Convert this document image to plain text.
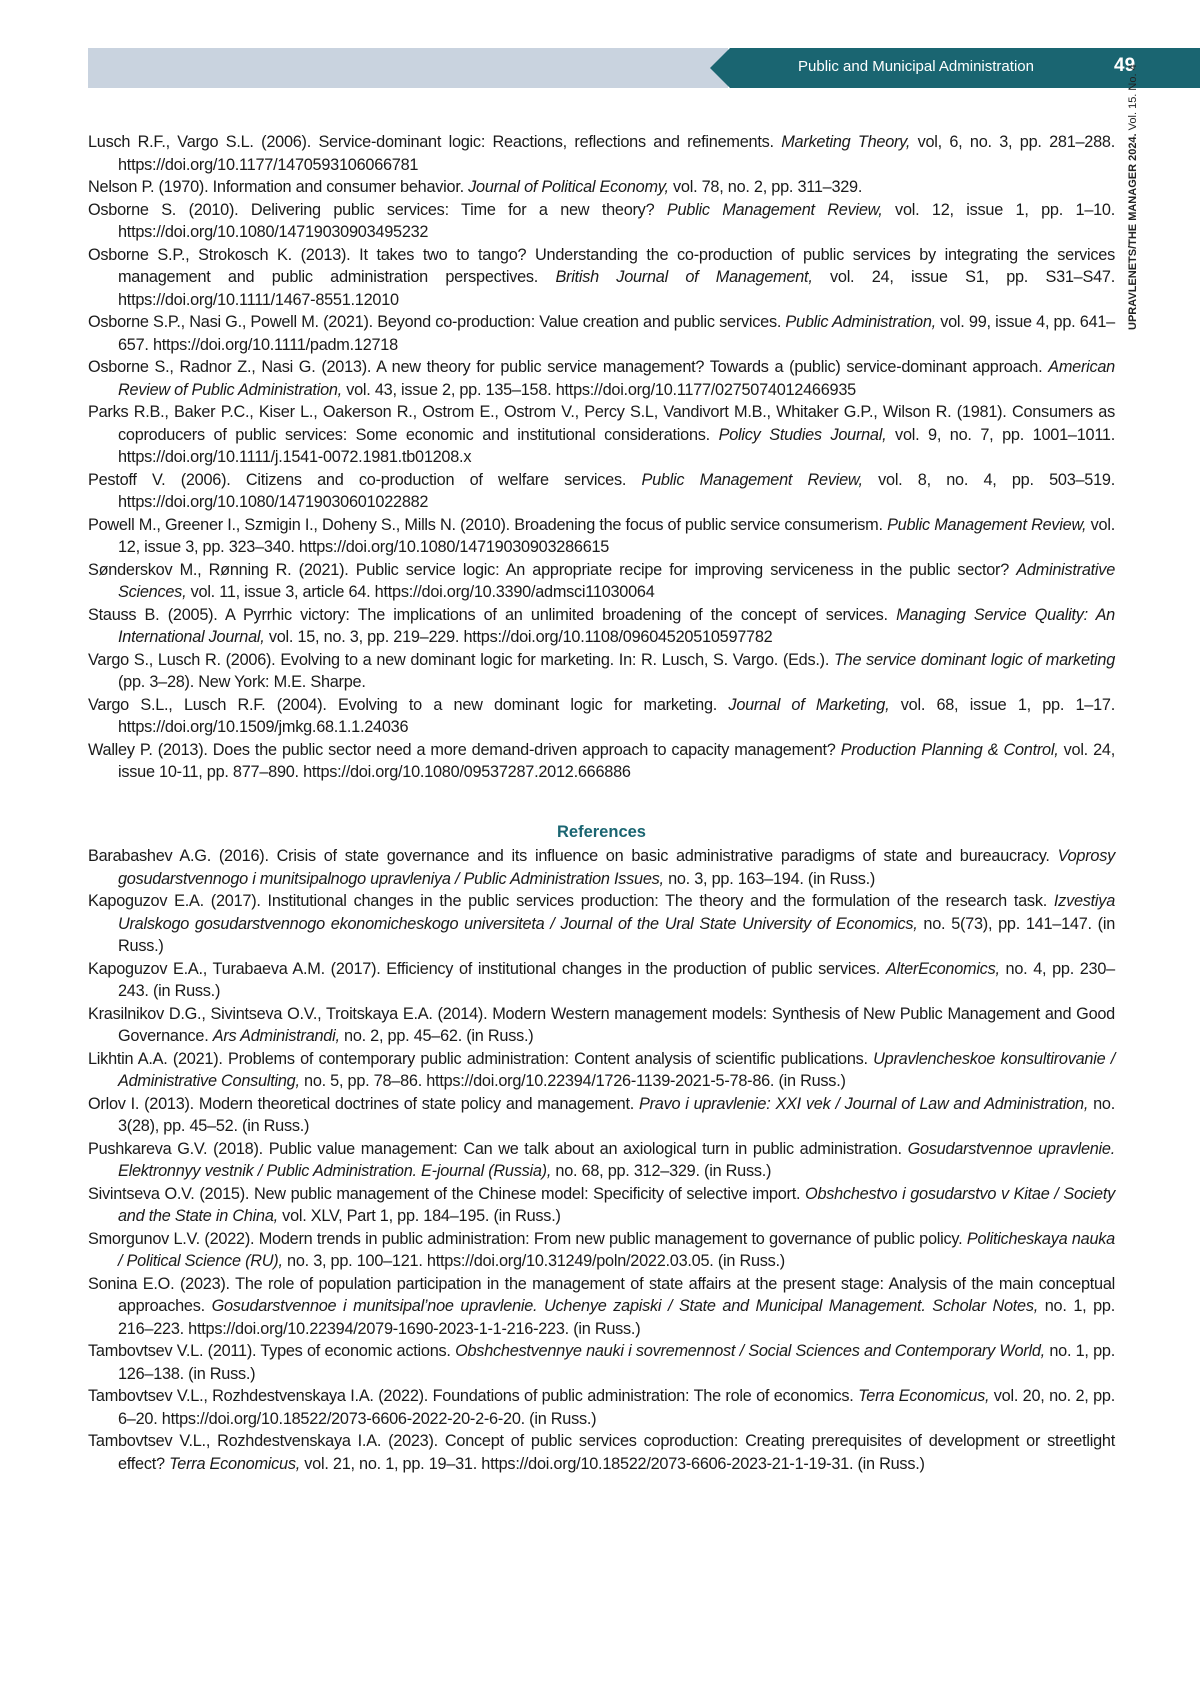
Public and Municipal Administration	49
UPRAVLENETS/THE MANAGER 2024. Vol. 15. No. 4

Lusch R.F., Vargo S.L. (2006). Service-dominant logic: Reactions, reflections and refinements. Marketing Theory, vol, 6, no. 3, pp. 281–288. https://doi.org/10.1177/1470593106066781

Nelson P. (1970). Information and consumer behavior. Journal of Political Economy, vol. 78, no. 2, pp. 311–329.

Osborne S. (2010). Delivering public services: Time for a new theory? Public Management Review, vol. 12, issue 1, pp. 1–10. https://doi.org/10.1080/14719030903495232

Osborne S.P., Strokosch K. (2013). It takes two to tango? Understanding the co-production of public services by integrating the services management and public administration perspectives. British Journal of Management, vol. 24, issue S1, pp. S31–S47. https://doi.org/10.1111/1467-8551.12010

Osborne S.P., Nasi G., Powell M. (2021). Beyond co-production: Value creation and public services. Public Administration, vol. 99, issue 4, pp. 641–657. https://doi.org/10.1111/padm.12718

Osborne S., Radnor Z., Nasi G. (2013). A new theory for public service management? Towards a (public) service-dominant approach. American Review of Public Administration, vol. 43, issue 2, pp. 135–158. https://doi.org/10.1177/0275074012466935

Parks R.B., Baker P.C., Kiser L., Oakerson R., Ostrom E., Ostrom V., Percy S.L, Vandivort M.B., Whitaker G.P., Wilson R. (1981). Consumers as coproducers of public services: Some economic and institutional considerations. Policy Studies Journal, vol. 9, no. 7, pp. 1001–1011. https://doi.org/10.1111/j.1541-0072.1981.tb01208.x

Pestoff V. (2006). Citizens and co-production of welfare services. Public Management Review, vol. 8, no. 4, pp. 503–519. https://doi.org/10.1080/14719030601022882

Powell M., Greener I., Szmigin I., Doheny S., Mills N. (2010). Broadening the focus of public service consumerism. Public Management Review, vol. 12, issue 3, pp. 323–340. https://doi.org/10.1080/14719030903286615

Sønderskov M., Rønning R. (2021). Public service logic: An appropriate recipe for improving serviceness in the public sector? Administrative Sciences, vol. 11, issue 3, article 64. https://doi.org/10.3390/admsci11030064

Stauss B. (2005). A Pyrrhic victory: The implications of an unlimited broadening of the concept of services. Managing Service Quality: An International Journal, vol. 15, no. 3, pp. 219–229. https://doi.org/10.1108/09604520510597782

Vargo S., Lusch R. (2006). Evolving to a new dominant logic for marketing. In: R. Lusch, S. Vargo. (Eds.). The service dominant logic of marketing (pp. 3–28). New York: M.E. Sharpe.

Vargo S.L., Lusch R.F. (2004). Evolving to a new dominant logic for marketing. Journal of Marketing, vol. 68, issue 1, pp. 1–17. https://doi.org/10.1509/jmkg.68.1.1.24036

Walley P. (2013). Does the public sector need a more demand-driven approach to capacity management? Production Planning & Control, vol. 24, issue 10-11, pp. 877–890. https://doi.org/10.1080/09537287.2012.666886

References

Barabashev A.G. (2016). Crisis of state governance and its influence on basic administrative paradigms of state and bureaucracy. Voprosy gosudarstvennogo i munitsipalnogo upravleniya / Public Administration Issues, no. 3, pp. 163–194. (in Russ.)

Kapoguzov E.A. (2017). Institutional changes in the public services production: The theory and the formulation of the research task. Izvestiya Uralskogo gosudarstvennogo ekonomicheskogo universiteta / Journal of the Ural State University of Economics, no. 5(73), pp. 141–147. (in Russ.)

Kapoguzov E.A., Turabaeva A.M. (2017). Efficiency of institutional changes in the production of public services. AlterEconomics, no. 4, pp. 230–243. (in Russ.)

Krasilnikov D.G., Sivintseva O.V., Troitskaya E.A. (2014). Modern Western management models: Synthesis of New Public Management and Good Governance. Ars Administrandi, no. 2, pp. 45–62. (in Russ.)

Likhtin A.A. (2021). Problems of contemporary public administration: Content analysis of scientific publications. Upravlencheskoe konsultirovanie / Administrative Consulting, no. 5, pp. 78–86. https://doi.org/10.22394/1726-1139-2021-5-78-86. (in Russ.)

Orlov I. (2013). Modern theoretical doctrines of state policy and management. Pravo i upravlenie: XXI vek / Journal of Law and Administration, no. 3(28), pp. 45–52. (in Russ.)

Pushkareva G.V. (2018). Public value management: Can we talk about an axiological turn in public administration. Gosudarstvennoe upravlenie. Elektronnyy vestnik / Public Administration. E-journal (Russia), no. 68, pp. 312–329. (in Russ.)

Sivintseva O.V. (2015). New public management of the Chinese model: Specificity of selective import. Obshchestvo i gosudarstvo v Kitae / Society and the State in China, vol. XLV, Part 1, pp. 184–195. (in Russ.)

Smorgunov L.V. (2022). Modern trends in public administration: From new public management to governance of public policy. Politicheskaya nauka / Political Science (RU), no. 3, pp. 100–121. https://doi.org/10.31249/poln/2022.03.05. (in Russ.)

Sonina E.O. (2023). The role of population participation in the management of state affairs at the present stage: Analysis of the main conceptual approaches. Gosudarstvennoe i munitsipal’noe upravlenie. Uchenye zapiski / State and Municipal Management. Scholar Notes, no. 1, pp. 216–223. https://doi.org/10.22394/2079-1690-2023-1-1-216-223. (in Russ.)

Tambovtsev V.L. (2011). Types of economic actions. Obshchestvennye nauki i sovremennost / Social Sciences and Contemporary World, no. 1, pp. 126–138. (in Russ.)

Tambovtsev V.L., Rozhdestvenskaya I.A. (2022). Foundations of public administration: The role of economics. Terra Economicus, vol. 20, no. 2, pp. 6–20. https://doi.org/10.18522/2073-6606-2022-20-2-6-20. (in Russ.)

Tambovtsev V.L., Rozhdestvenskaya I.A. (2023). Concept of public services coproduction: Creating prerequisites of development or streetlight effect? Terra Economicus, vol. 21, no. 1, pp. 19–31. https://doi.org/10.18522/2073-6606-2023-21-1-19-31. (in Russ.)
